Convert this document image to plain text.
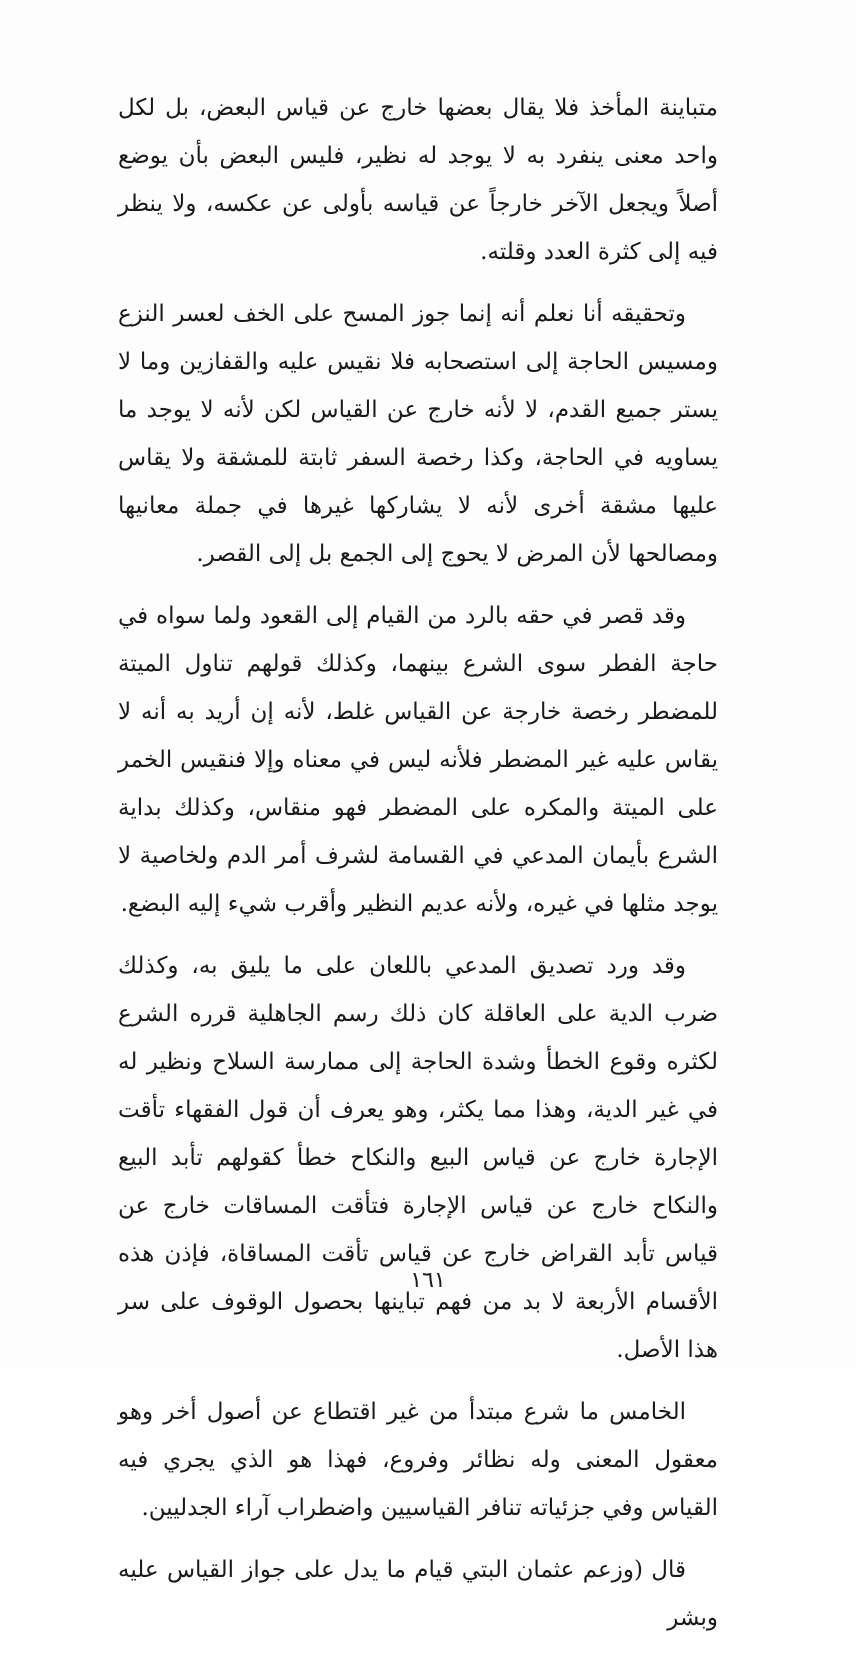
متباينة المأخذ فلا يقال بعضها خارج عن قياس البعض، بل لكل واحد معنى ينفرد به لا يوجد له نظير، فليس البعض بأن يوضع أصلاً ويجعل الآخر خارجاً عن قياسه بأولى عن عكسه، ولا ينظر فيه إلى كثرة العدد وقلته.

وتحقيقه أنا نعلم أنه إنما جوز المسح على الخف لعسر النزع ومسيس الحاجة إلى استصحابه فلا نقيس عليه والقفازين وما لا يستر جميع القدم، لا لأنه خارج عن القياس لكن لأنه لا يوجد ما يساويه في الحاجة، وكذا رخصة السفر ثابتة للمشقة ولا يقاس عليها مشقة أخرى لأنه لا يشاركها غيرها في جملة معانيها ومصالحها لأن المرض لا يحوج إلى الجمع بل إلى القصر.

وقد قصر في حقه بالرد من القيام إلى القعود ولما سواه في حاجة الفطر سوى الشرع بينهما، وكذلك قولهم تناول الميتة للمضطر رخصة خارجة عن القياس غلط، لأنه إن أريد به أنه لا يقاس عليه غير المضطر فلأنه ليس في معناه وإلا فنقيس الخمر على الميتة والمكره على المضطر فهو منقاس، وكذلك بداية الشرع بأيمان المدعي في القسامة لشرف أمر الدم ولخاصية لا يوجد مثلها في غيره، ولأنه عديم النظير وأقرب شيء إليه البضع.

وقد ورد تصديق المدعي باللعان على ما يليق به، وكذلك ضرب الدية على العاقلة كان ذلك رسم الجاهلية قرره الشرع لكثره وقوع الخطأ وشدة الحاجة إلى ممارسة السلاح ونظير له في غير الدية، وهذا مما يكثر، وهو يعرف أن قول الفقهاء تأقت الإجارة خارج عن قياس البيع والنكاح خطأ كقولهم تأبد البيع والنكاح خارج عن قياس الإجارة فتأقت المساقات خارج عن قياس تأبد القراض خارج عن قياس تأقت المساقاة، فإذن هذه الأقسام الأربعة لا بد من فهم تباينها بحصول الوقوف على سر هذا الأصل.

الخامس ما شرع مبتدأ من غير اقتطاع عن أصول أخر وهو معقول المعنى وله نظائر وفروع، فهذا هو الذي يجري فيه القياس وفي جزئياته تنافر القياسيين واضطراب آراء الجدليين.

قال (وزعم عثمان البتي قيام ما يدل على جواز القياس عليه وبشر

١٦١
